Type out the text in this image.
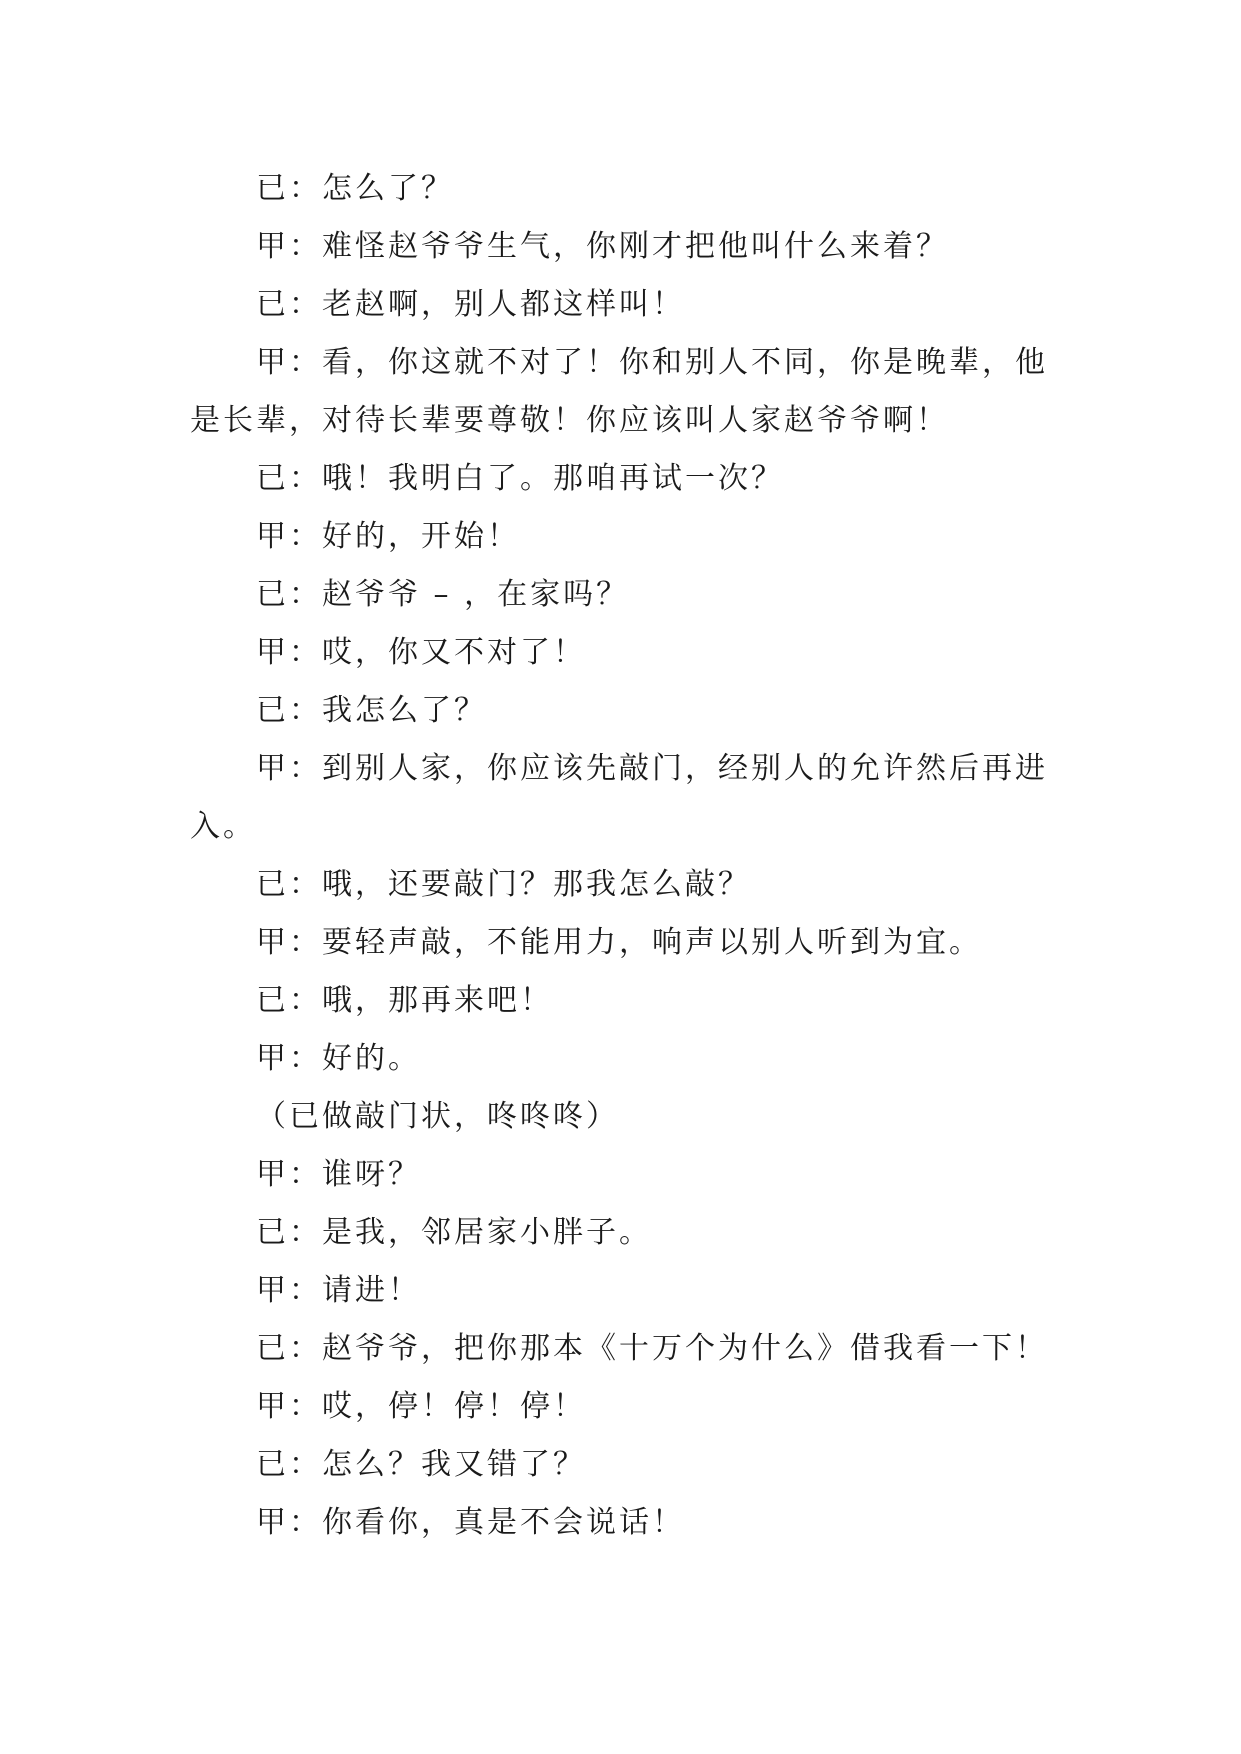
已：怎么了？
甲：难怪赵爷爷生气，你刚才把他叫什么来着？
已：老赵啊，别人都这样叫！
甲：看，你这就不对了！你和别人不同，你是晚辈，他
是长辈，对待长辈要尊敬！你应该叫人家赵爷爷啊！
已：哦！我明白了。那咱再试一次？
甲：好的，开始！
已：赵爷爷 – ，在家吗？
甲：哎，你又不对了！
已：我怎么了？
甲：到别人家，你应该先敲门，经别人的允许然后再进
入。
已：哦，还要敲门？那我怎么敲？
甲：要轻声敲，不能用力，响声以别人听到为宜。
已：哦，那再来吧！
甲：好的。
（已做敲门状，咚咚咚）
甲：谁呀？
已：是我，邻居家小胖子。
甲：请进！
已：赵爷爷，把你那本《十万个为什么》借我看一下！
甲：哎，停！停！停！
已：怎么？我又错了？
甲：你看你，真是不会说话！
